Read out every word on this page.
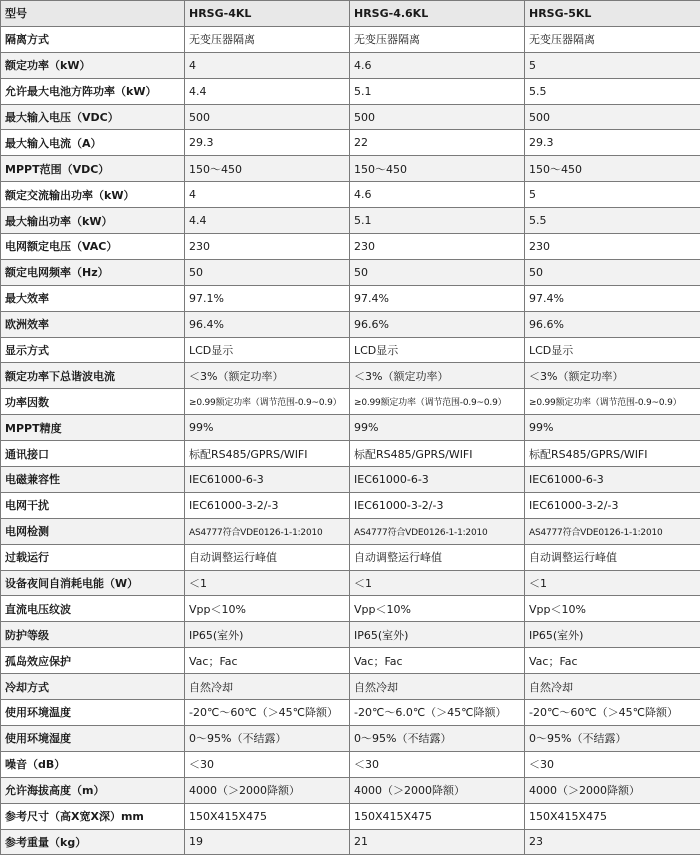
型号	HRSG-4KL	HRSG-4.6KL	HRSG-5KL
隔离方式	无变压器隔离	无变压器隔离	无变压器隔离
额定功率（kW）	4	4.6	5
允许最大电池方阵功率（kW）	4.4	5.1	5.5
最大输入电压（VDC）	500	500	500
最大输入电流（A）	29.3	22	29.3
MPPT范围（VDC）	150～450	150～450	150～450
额定交流输出功率（kW）	4	4.6	5
最大输出功率（kW）	4.4	5.1	5.5
电网额定电压（VAC）	230	230	230
额定电网频率（Hz）	50	50	50
最大效率	97.1%	97.4%	97.4%
欧洲效率	96.4%	96.6%	96.6%
显示方式	LCD显示	LCD显示	LCD显示
额定功率下总谐波电流	＜3%（额定功率）	＜3%（额定功率）	＜3%（额定功率）
功率因数	≥0.99额定功率（调节范围-0.9~0.9）	≥0.99额定功率（调节范围-0.9~0.9）	≥0.99额定功率（调节范围-0.9~0.9）
MPPT精度	99%	99%	99%
通讯接口	标配RS485/GPRS/WIFI	标配RS485/GPRS/WIFI	标配RS485/GPRS/WIFI
电磁兼容性	IEC61000-6-3	IEC61000-6-3	IEC61000-6-3
电网干扰	IEC61000-3-2/-3	IEC61000-3-2/-3	IEC61000-3-2/-3
电网检测	AS4777符合VDE0126-1-1:2010	AS4777符合VDE0126-1-1:2010	AS4777符合VDE0126-1-1:2010
过载运行	自动调整运行峰值	自动调整运行峰值	自动调整运行峰值
设备夜间自消耗电能（W）	＜1	＜1	＜1
直流电压纹波	Vpp＜10%	Vpp＜10%	Vpp＜10%
防护等级	IP65(室外)	IP65(室外)	IP65(室外)
孤岛效应保护	Vac；Fac	Vac；Fac	Vac；Fac
冷却方式	自然冷却	自然冷却	自然冷却
使用环境温度	-20℃～60℃（＞45℃降额）	-20℃～6.0℃（＞45℃降额）	-20℃～60℃（＞45℃降额）
使用环境湿度	0～95%（不结露）	0～95%（不结露）	0～95%（不结露）
噪音（dB）	＜30	＜30	＜30
允许海拔高度（m）	4000（＞2000降额）	4000（＞2000降额）	4000（＞2000降额）
参考尺寸（高X宽X深）mm	150X415X475	150X415X475	150X415X475
参考重量（kg）	19	21	23
